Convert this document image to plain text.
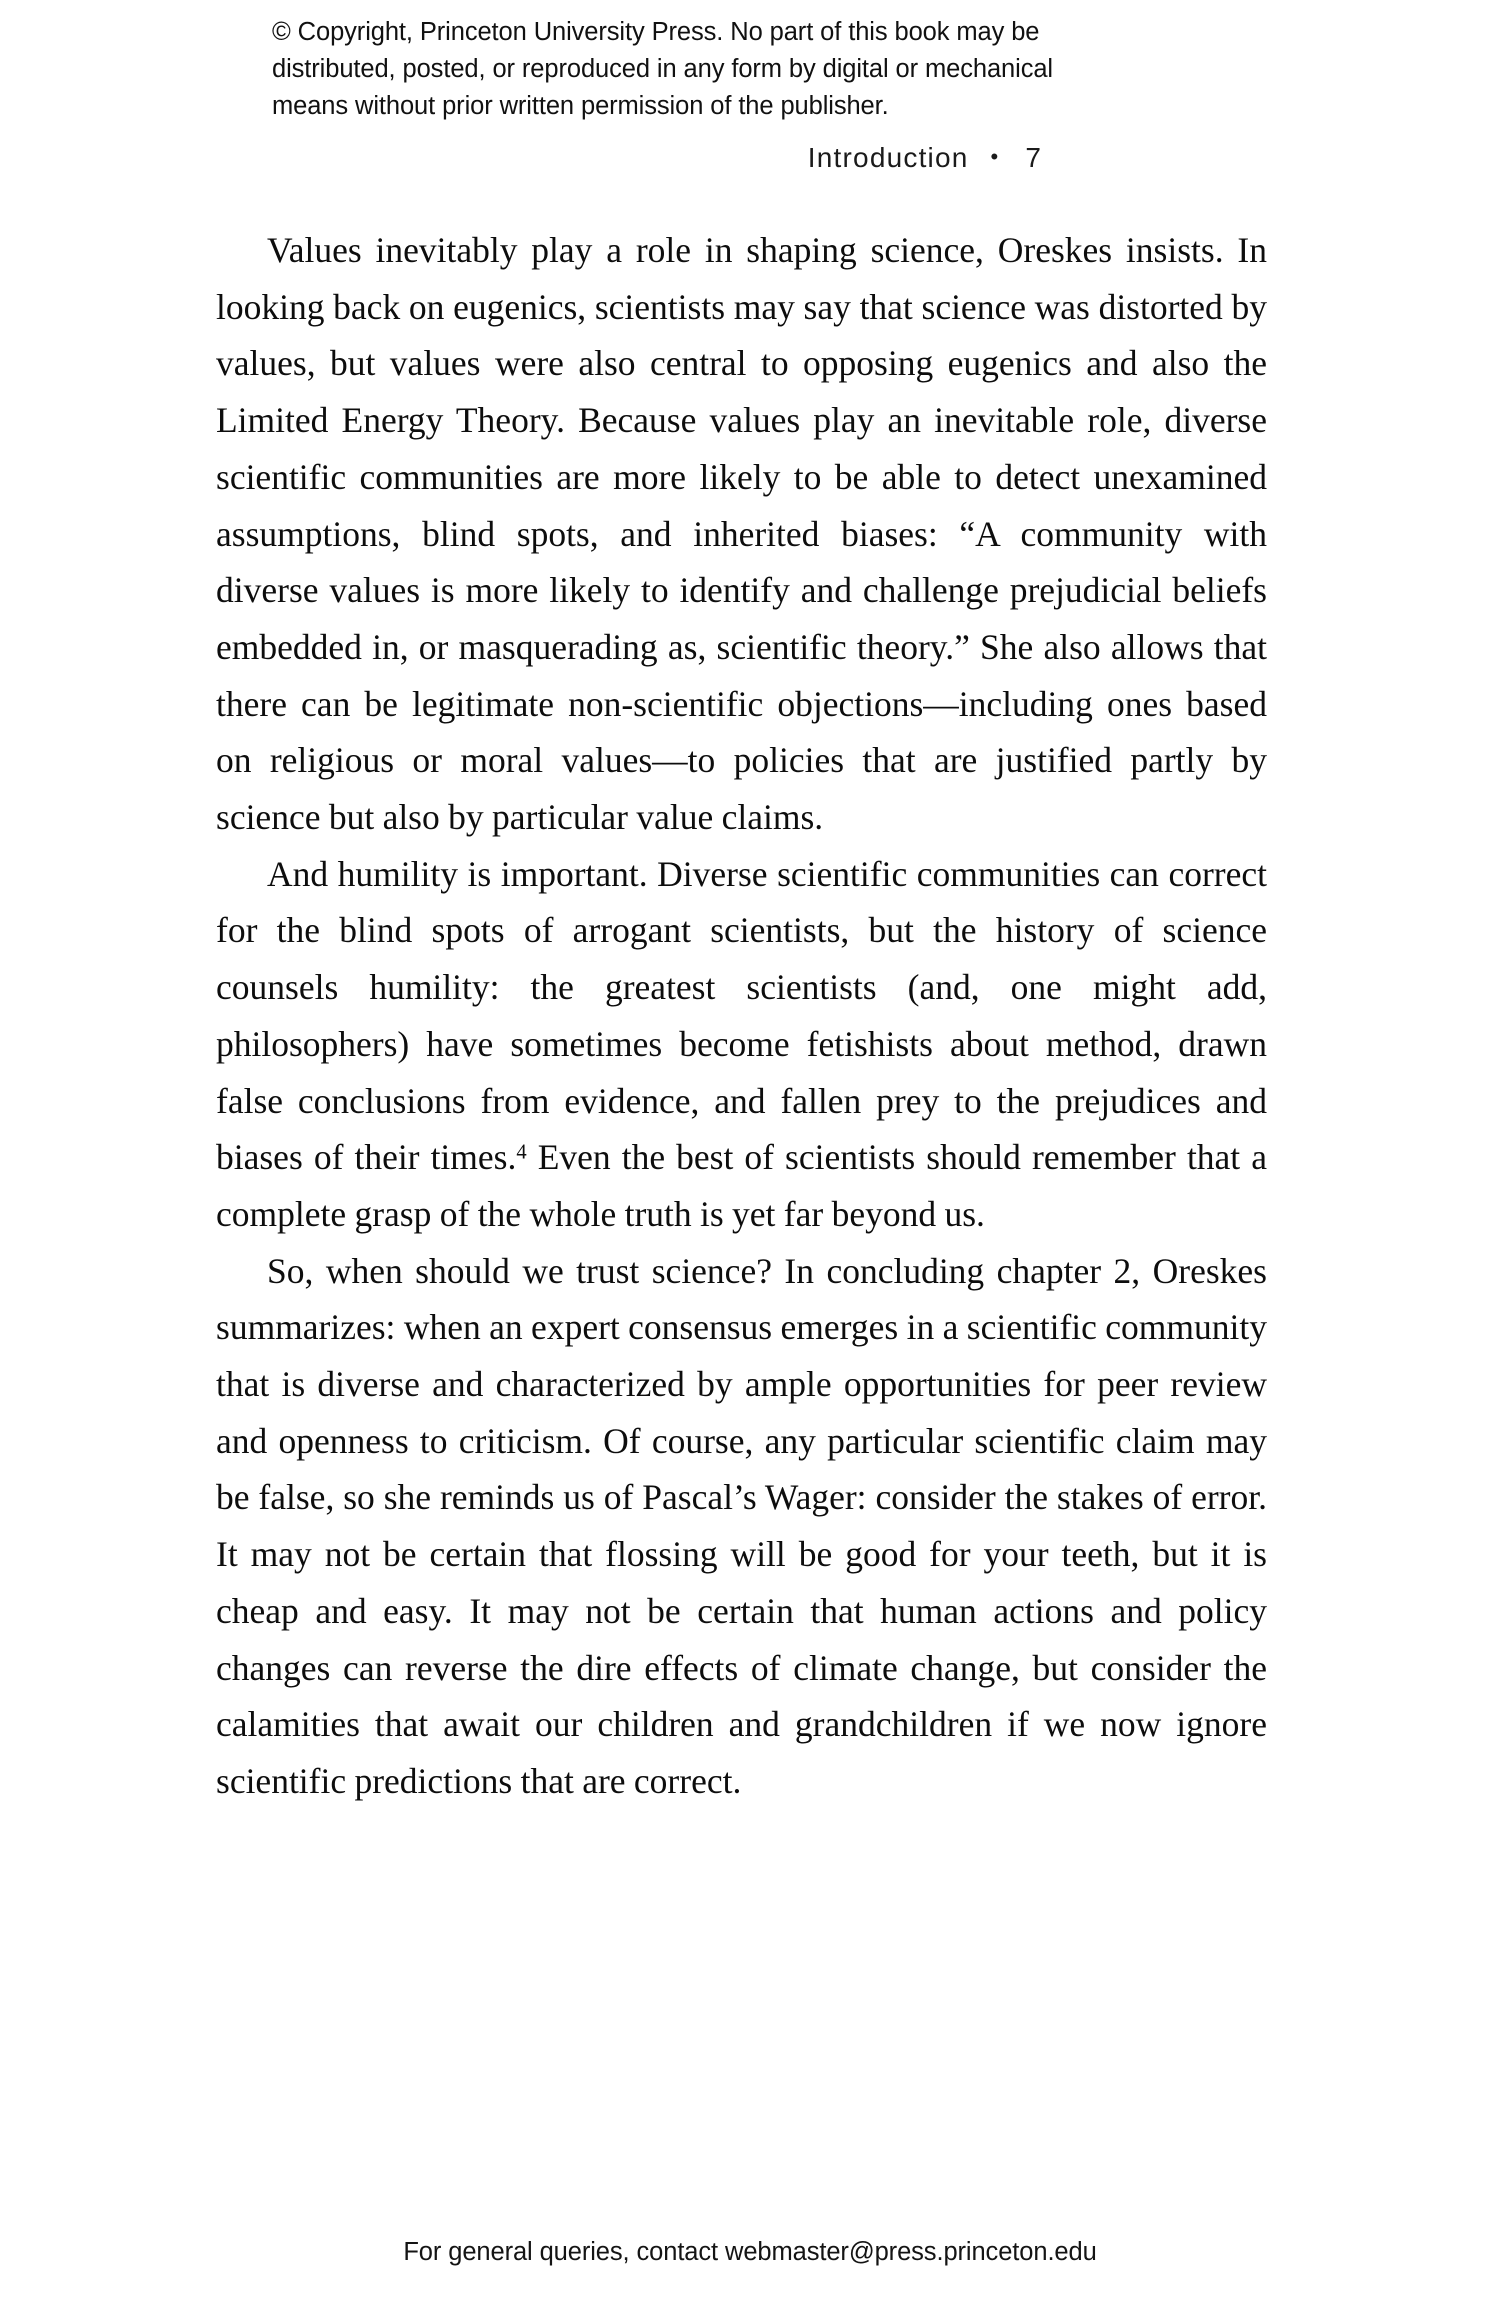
© Copyright, Princeton University Press. No part of this book may be
distributed, posted, or reproduced in any form by digital or mechanical
means without prior written permission of the publisher.
Introduction • 7

Values inevitably play a role in shaping science, Oreskes insists. In looking back on eugenics, scientists may say that science was distorted by values, but values were also central to opposing eugenics and also the Limited Energy Theory. Because values play an inevitable role, diverse scientific communities are more likely to be able to detect unexamined assumptions, blind spots, and inherited biases: “A community with diverse values is more likely to identify and challenge prejudicial beliefs embedded in, or masquerading as, scientific theory.” She also allows that there can be legitimate non-scientific objections—including ones based on religious or moral values—to policies that are justified partly by science but also by particular value claims.

And humility is important. Diverse scientific communities can correct for the blind spots of arrogant scientists, but the history of science counsels humility: the greatest scientists (and, one might add, philosophers) have sometimes become fetishists about method, drawn false conclusions from evidence, and fallen prey to the prejudices and biases of their times.$^4$ Even the best of scientists should remember that a complete grasp of the whole truth is yet far beyond us.

So, when should we trust science? In concluding chapter 2, Oreskes summarizes: when an expert consensus emerges in a scientific community that is diverse and characterized by ample opportunities for peer review and openness to criticism. Of course, any particular scientific claim may be false, so she reminds us of Pascal’s Wager: consider the stakes of error. It may not be certain that flossing will be good for your teeth, but it is cheap and easy. It may not be certain that human actions and policy changes can reverse the dire effects of climate change, but consider the calamities that await our children and grandchildren if we now ignore scientific predictions that are correct.

For general queries, contact webmaster@press.princeton.edu
